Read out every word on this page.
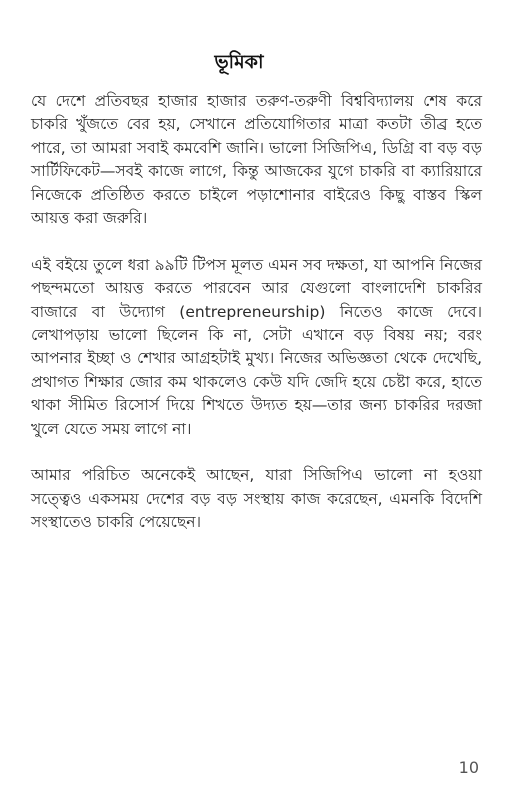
ভূমিকা

যে দেশে প্রতিবছর হাজার হাজার তরুণ-তরুণী বিশ্ববিদ্যালয় শেষ করে চাকরি খুঁজতে বের হয়, সেখানে প্রতিযোগিতার মাত্রা কতটা তীব্র হতে পারে, তা আমরা সবাই কমবেশি জানি। ভালো সিজিপিএ, ডিগ্রি বা বড় বড় সার্টিফিকেট—সবই কাজে লাগে, কিন্তু আজকের যুগে চাকরি বা ক্যারিয়ারে নিজেকে প্রতিষ্ঠিত করতে চাইলে পড়াশোনার বাইরেও কিছু বাস্তব স্কিল আয়ত্ত করা জরুরি।

এই বইয়ে তুলে ধরা ৯৯টি টিপস মূলত এমন সব দক্ষতা, যা আপনি নিজের পছন্দমতো আয়ত্ত করতে পারবেন আর যেগুলো বাংলাদেশি চাকরির বাজারে বা উদ্যোগ (entrepreneurship) নিতেও কাজে দেবে। লেখাপড়ায় ভালো ছিলেন কি না, সেটা এখানে বড় বিষয় নয়; বরং আপনার ইচ্ছা ও শেখার আগ্রহটাই মুখ্য। নিজের অভিজ্ঞতা থেকে দেখেছি, প্রথাগত শিক্ষার জোর কম থাকলেও কেউ যদি জেদি হয়ে চেষ্টা করে, হাতে থাকা সীমিত রিসোর্স দিয়ে শিখতে উদ্যত হয়—তার জন্য চাকরির দরজা খুলে যেতে সময় লাগে না।

আমার পরিচিত অনেকেই আছেন, যারা সিজিপিএ ভালো না হওয়া সত্ত্বেও একসময় দেশের বড় বড় সংস্থায় কাজ করেছেন, এমনকি বিদেশি সংস্থাতেও চাকরি পেয়েছেন।

10
